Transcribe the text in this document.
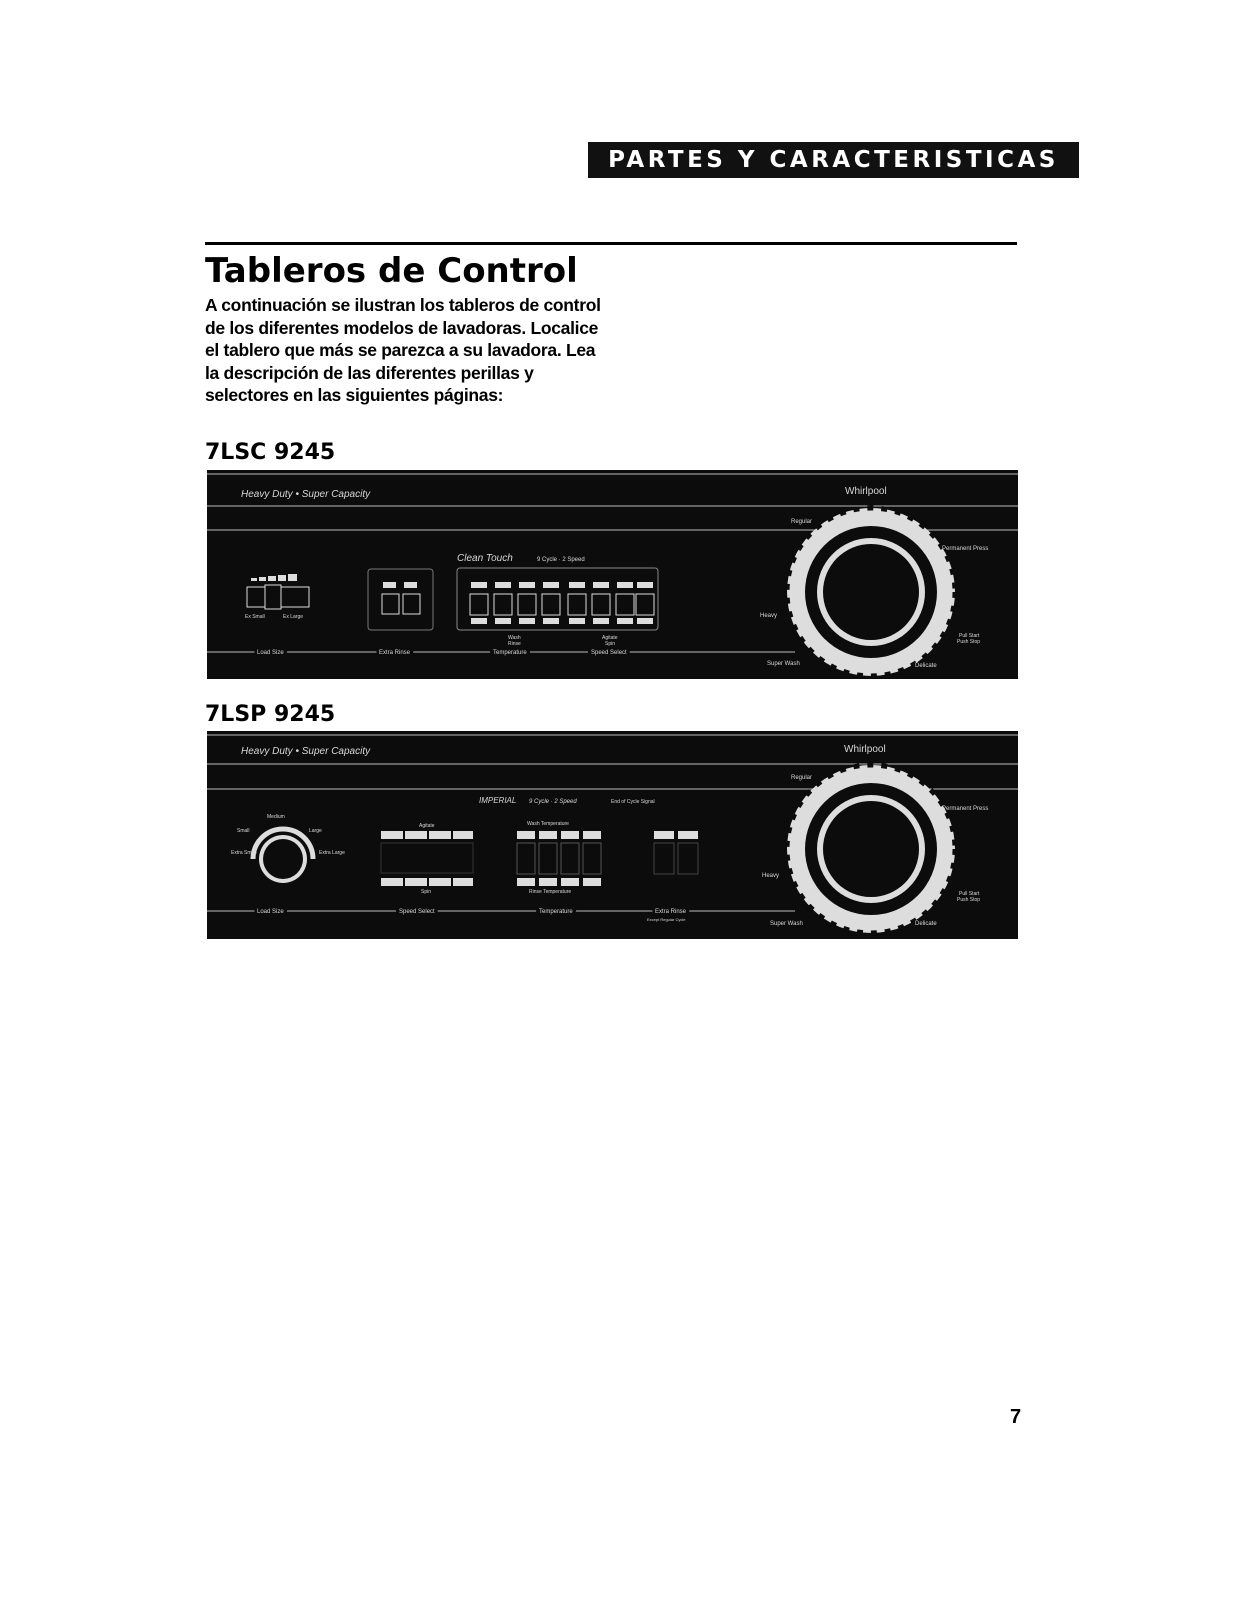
PARTES Y CARACTERISTICAS
Tableros de Control
A continuación se ilustran los tableros de control de los diferentes modelos de lavadoras. Localice el tablero que más se parezca a su lavadora. Lea la descripción de las diferentes perillas y selectores en las siguientes páginas:
7LSC 9245
Heavy Duty • Super Capacity	Whirlpool
Clean Touch	9 Cycle · 2 Speed
Ex Small	Ex Large
Wash
Rinse
Agitate
Spin
Load Size	Extra Rinse	Temperature	Speed Select
Regular
Permanent Press
Heavy
Super Wash	Delicate
Pull Start
Push Stop
7LSP 9245
Heavy Duty • Super Capacity	Whirlpool
IMPERIAL 9 Cycle · 2 Speed	End of Cycle Signal
Medium
Small	Large
Extra Small	Extra Large
Agitate
Spin
Wash Temperature
Rinse Temperature
Load Size	Speed Select	Temperature	Extra Rinse
Except Regular Cycle
Regular
Permanent Press
Heavy
Super Wash	Delicate
Pull Start
Push Stop
7
